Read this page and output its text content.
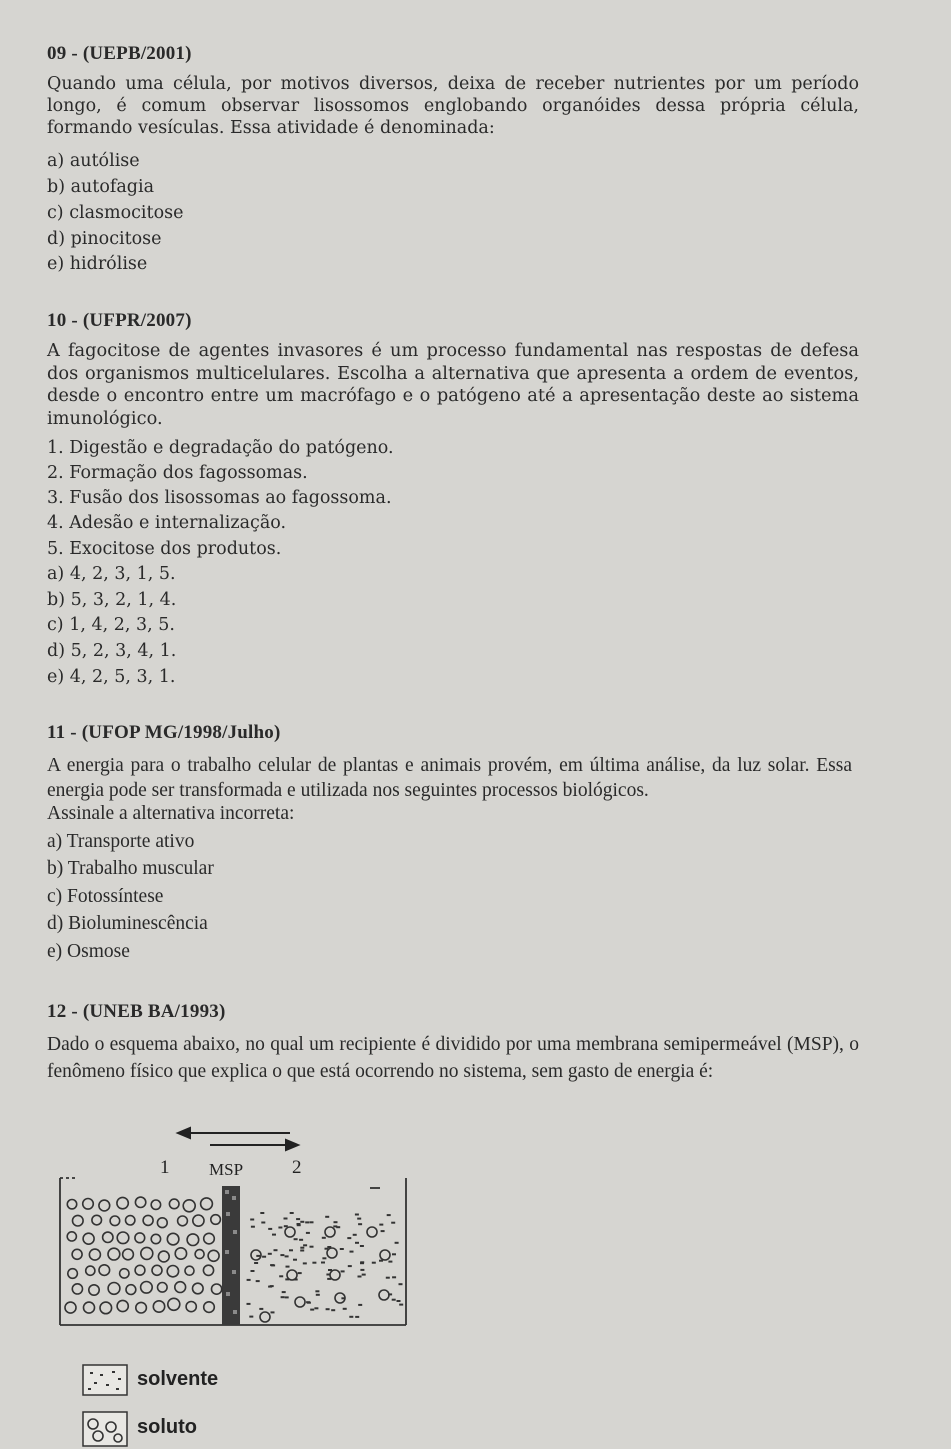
09 - (UEPB/2001)
Quando uma célula, por motivos diversos, deixa de receber nutrientes por um período longo, é comum observar lisossomos englobando organóides dessa própria célula, formando vesículas. Essa atividade é denominada:
a) autólise
b) autofagia
c) clasmocitose
d) pinocitose
e) hidrólise
10 - (UFPR/2007)
A fagocitose de agentes invasores é um processo fundamental nas respostas de defesa dos organismos multicelulares. Escolha a alternativa que apresenta a ordem de eventos, desde o encontro entre um macrófago e o patógeno até a apresentação deste ao sistema imunológico.
1. Digestão e degradação do patógeno.
2. Formação dos fagossomas.
3. Fusão dos lisossomas ao fagossoma.
4. Adesão e internalização.
5. Exocitose dos produtos.
a) 4, 2, 3, 1, 5.
b) 5, 3, 2, 1, 4.
c) 1, 4, 2, 3, 5.
d) 5, 2, 3, 4, 1.
e) 4, 2, 5, 3, 1.
11 - (UFOP MG/1998/Julho)
A energia para o trabalho celular de plantas e animais provém, em última análise, da luz solar. Essa energia pode ser transformada e utilizada nos seguintes processos biológicos.
Assinale a alternativa incorreta:
a) Transporte ativo
b) Trabalho muscular
c) Fotossíntese
d) Bioluminescência
e) Osmose
12 - (UNEB BA/1993)
Dado o esquema abaixo, no qual um recipiente é dividido por uma membrana semipermeável (MSP), o fenômeno físico que explica o que está ocorrendo no sistema, sem gasto de energia é:
1 MSP	2
solvente
soluto
